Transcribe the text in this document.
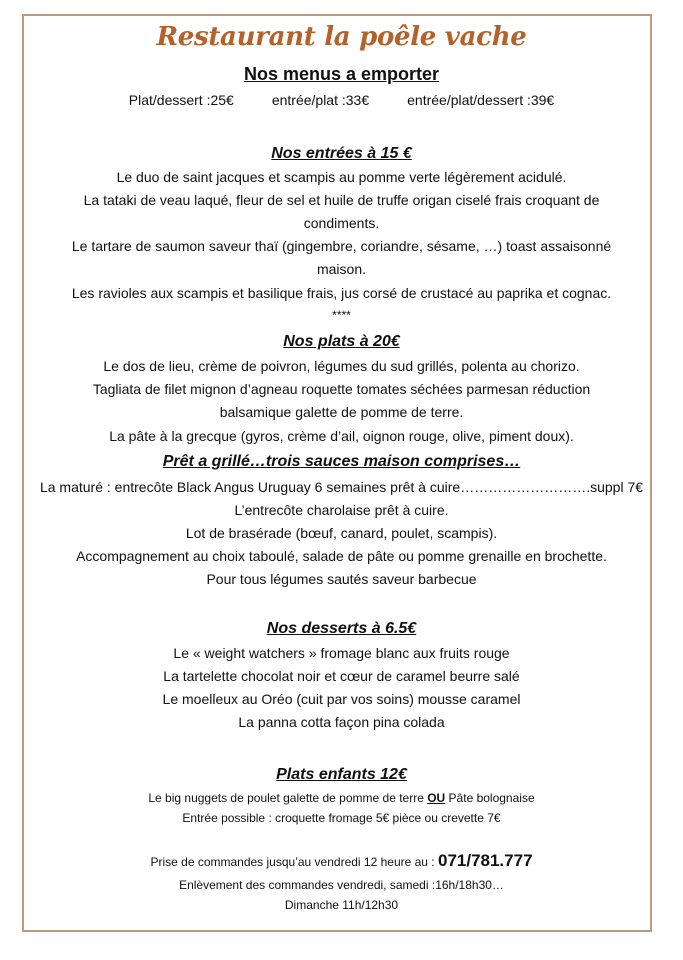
Restaurant la poêle vache
Nos menus a emporter
Plat/dessert :25€	entrée/plat :33€	entrée/plat/dessert :39€
Nos entrées à 15 €
Le duo de saint jacques et scampis au pomme verte légèrement acidulé.
La tataki de veau laqué, fleur de sel et huile de truffe origan ciselé frais croquant de
condiments.
Le tartare de saumon saveur thaï (gingembre, coriandre, sésame, …) toast assaisonné
maison.
Les ravioles aux scampis et basilique frais, jus corsé de crustacé au paprika et cognac.
****
Nos plats à 20€
Le dos de lieu, crème de poivron, légumes du sud grillés, polenta au chorizo.
Tagliata de filet mignon d’agneau roquette tomates séchées parmesan réduction
balsamique galette de pomme de terre.
La pâte à la grecque (gyros, crème d’ail, oignon rouge, olive, piment doux).
Prêt a grillé…trois sauces maison comprises…
La maturé : entrecôte Black Angus Uruguay 6 semaines prêt à cuire……………………….suppl 7€
L’entrecôte charolaise prêt à cuire.
Lot de brasérade (bœuf, canard, poulet, scampis).
Accompagnement au choix taboulé, salade de pâte ou pomme grenaille en brochette.
Pour tous légumes sautés saveur barbecue
Nos desserts à 6.5€
Le « weight watchers » fromage blanc aux fruits rouge
La tartelette chocolat noir et cœur de caramel beurre salé
Le moelleux au Oréo (cuit par vos soins) mousse caramel
La panna cotta façon pina colada
Plats enfants 12€
Le big nuggets de poulet galette de pomme de terre OU Pâte bolognaise
Entrée possible : croquette fromage 5€ pièce ou crevette 7€
Prise de commandes jusqu’au vendredi 12 heure au : 071/781.777
Enlèvement des commandes vendredi, samedi :16h/18h30…
Dimanche 11h/12h30
